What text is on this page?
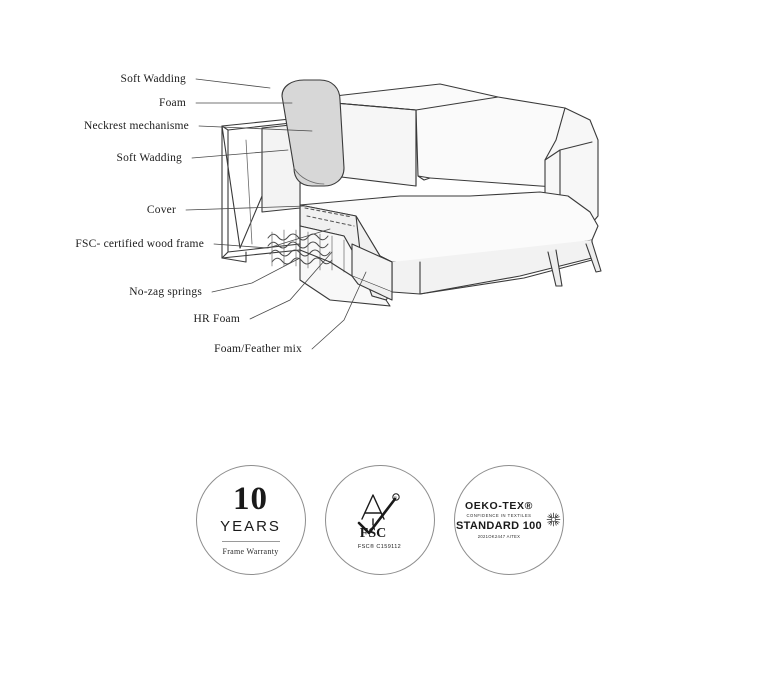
Soft Wadding
Foam
Neckrest mechanisme
Soft Wadding
Cover
FSC- certified wood frame
No-zag springs
HR Foam
Foam/Feather mix
10
YEARS
Frame Warranty
R
FSC
FSC® C159112
OEKO-TEX®
CONFIDENCE IN TEXTILES
STANDARD 100
2021OK2447 AITEX
